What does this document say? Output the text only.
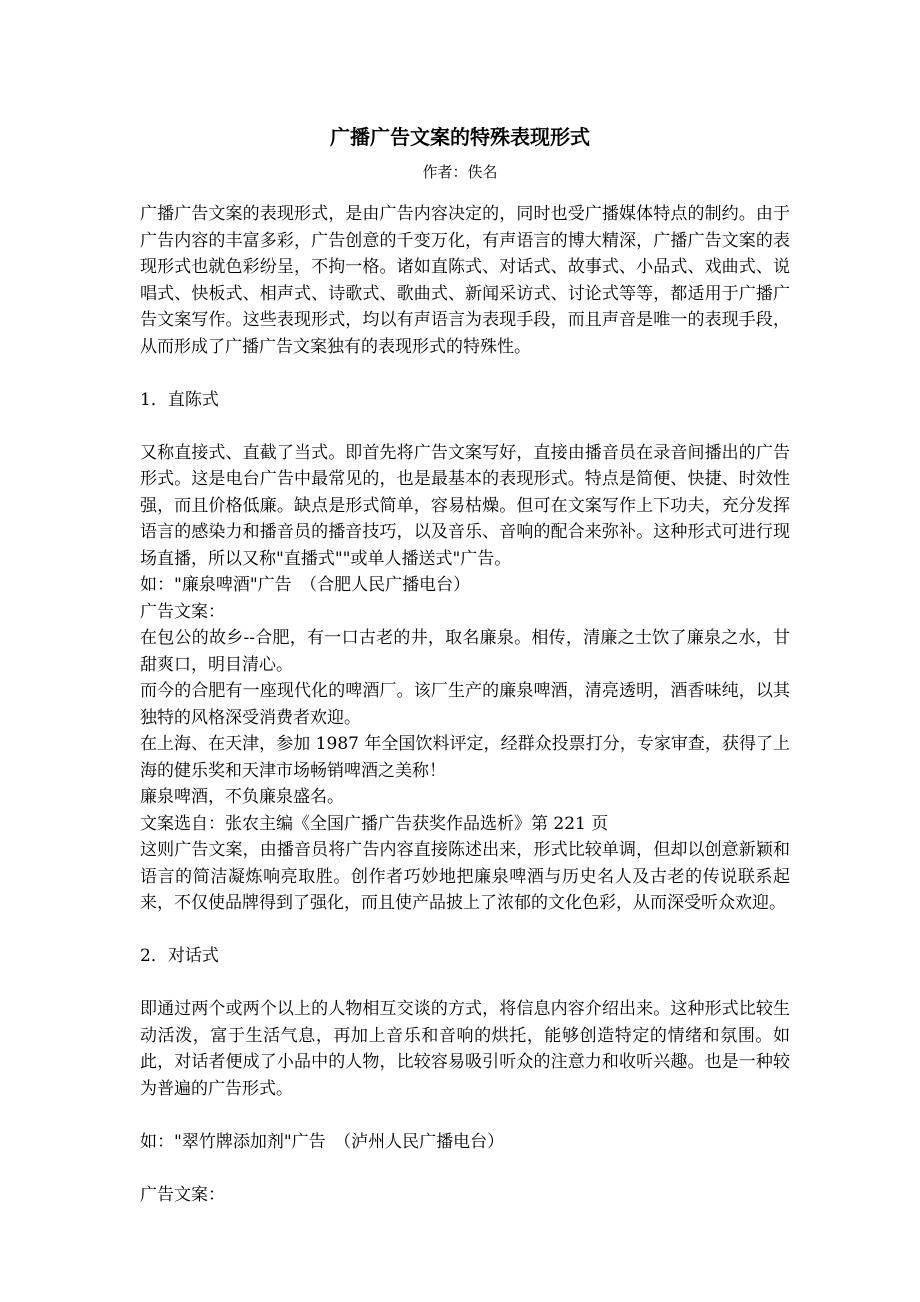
广播广告文案的特殊表现形式
作者：佚名

广播广告文案的表现形式，是由广告内容决定的，同时也受广播媒体特点的制约。由于广告内容的丰富多彩，广告创意的千变万化，有声语言的博大精深，广播广告文案的表现形式也就色彩纷呈，不拘一格。诸如直陈式、对话式、故事式、小品式、戏曲式、说唱式、快板式、相声式、诗歌式、歌曲式、新闻采访式、讨论式等等，都适用于广播广告文案写作。这些表现形式，均以有声语言为表现手段，而且声音是唯一的表现手段，从而形成了广播广告文案独有的表现形式的特殊性。

1．直陈式

又称直接式、直截了当式。即首先将广告文案写好，直接由播音员在录音间播出的广告形式。这是电台广告中最常见的，也是最基本的表现形式。特点是简便、快捷、时效性强，而且价格低廉。缺点是形式简单，容易枯燥。但可在文案写作上下功夫，充分发挥语言的感染力和播音员的播音技巧，以及音乐、音响的配合来弥补。这种形式可进行现场直播，所以又称"直播式""或单人播送式"广告。

如："廉泉啤酒"广告　（合肥人民广播电台）

广告文案：

在包公的故乡--合肥，有一口古老的井，取名廉泉。相传，清廉之士饮了廉泉之水，甘甜爽口，明目清心。

而今的合肥有一座现代化的啤酒厂。该厂生产的廉泉啤酒，清亮透明，酒香味纯，以其独特的风格深受消费者欢迎。

在上海、在天津，参加 1987 年全国饮料评定，经群众投票打分，专家审查，获得了上海的健乐奖和天津市场畅销啤酒之美称！

廉泉啤酒，不负廉泉盛名。

文案选自：张农主编《全国广播广告获奖作品选析》第 221 页

这则广告文案，由播音员将广告内容直接陈述出来，形式比较单调，但却以创意新颖和语言的简洁凝炼响亮取胜。创作者巧妙地把廉泉啤酒与历史名人及古老的传说联系起来，不仅使品牌得到了强化，而且使产品披上了浓郁的文化色彩，从而深受听众欢迎。

2．对话式

即通过两个或两个以上的人物相互交谈的方式，将信息内容介绍出来。这种形式比较生动活泼，富于生活气息，再加上音乐和音响的烘托，能够创造特定的情绪和氛围。如此，对话者便成了小品中的人物，比较容易吸引听众的注意力和收听兴趣。也是一种较为普遍的广告形式。

如："翠竹牌添加剂"广告　（泸州人民广播电台）

广告文案：
